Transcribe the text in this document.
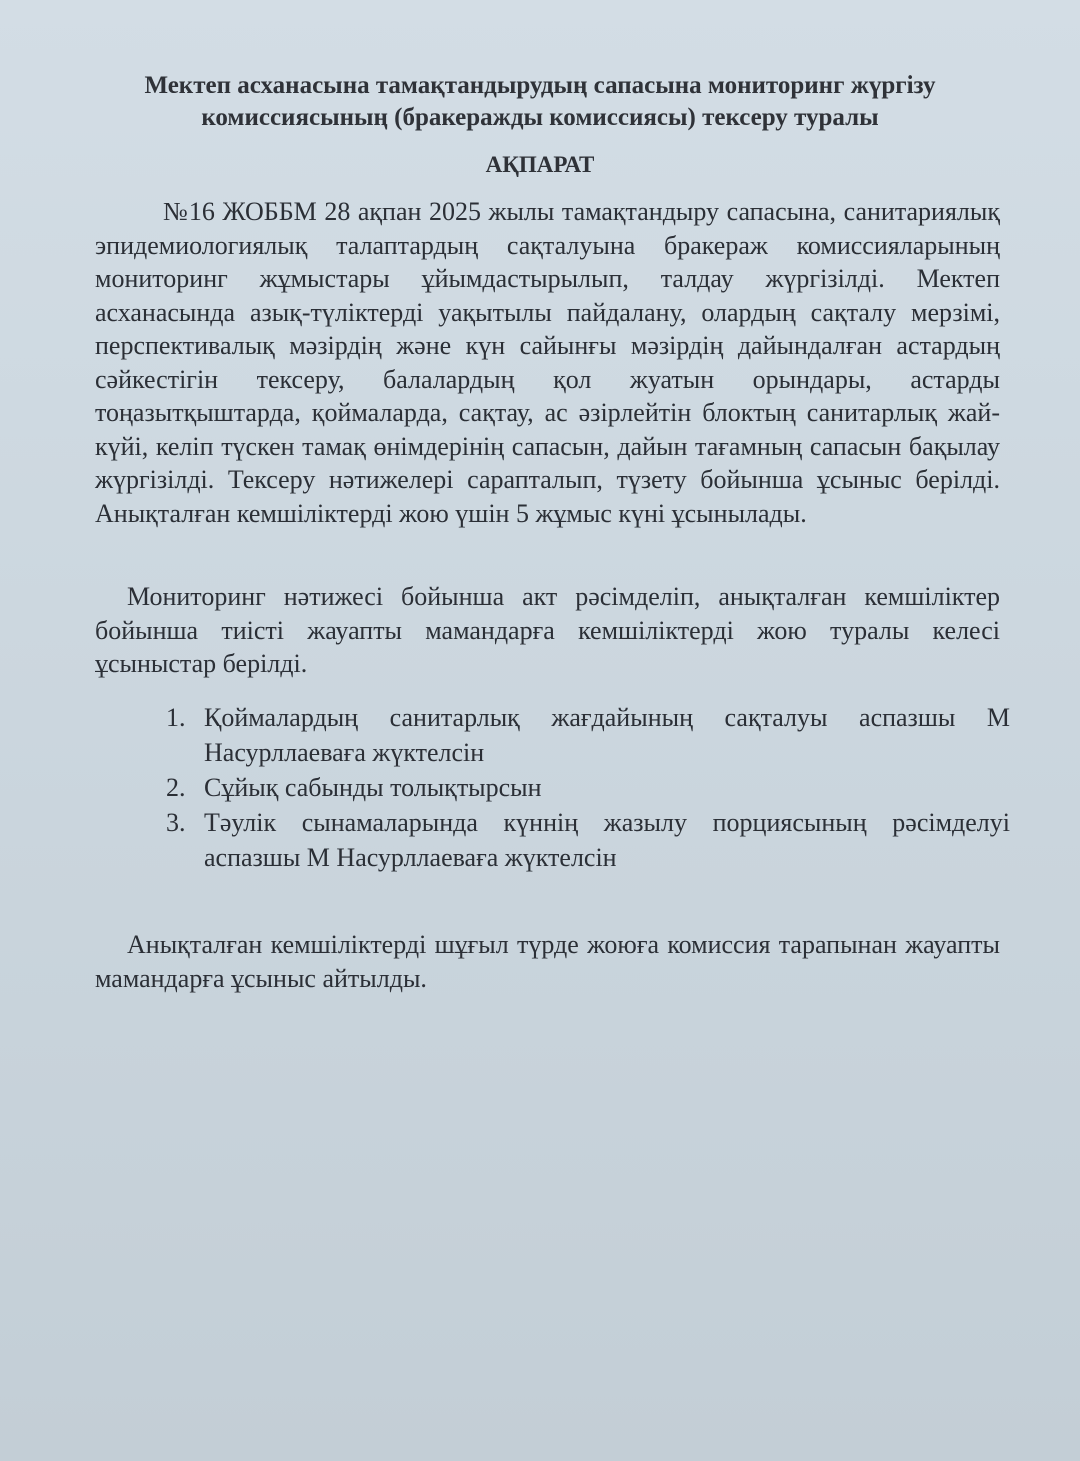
Мектеп асханасына тамақтандырудың сапасына мониторинг жүргізу
комиссиясының (бракеражды комиссиясы) тексеру туралы
АҚПАРАТ

№16 ЖОББМ 28 ақпан 2025 жылы тамақтандыру сапасына, санитариялық эпидемиологиялық талаптардың сақталуына бракераж комиссияларының мониторинг жұмыстары ұйымдастырылып, талдау жүргізілді. Мектеп асханасында азық-түліктерді уақытылы пайдалану, олардың сақталу мерзімі, перспективалық мәзірдің және күн сайынғы мәзірдің дайындалған астардың сәйкестігін тексеру, балалардың қол жуатын орындары, астарды тоңазытқыштарда, қоймаларда, сақтау, ас әзірлейтін блоктың санитарлық жай-күйі, келіп түскен тамақ өнімдерінің сапасын, дайын тағамның сапасын бақылау жүргізілді. Тексеру нәтижелері сарапталып, түзету бойынша ұсыныс берілді. Анықталған кемшіліктерді жою үшін 5 жұмыс күні ұсынылады.

Мониторинг нәтижесі бойынша акт рәсімделіп, анықталған кемшіліктер бойынша тиісті жауапты мамандарға кемшіліктерді жою туралы келесі ұсыныстар берілді.

1. Қоймалардың санитарлық жағдайының сақталуы аспазшы М Насурллаеваға жүктелсін
2. Сұйық сабынды толықтырсын
3. Тәулік сынамаларында күннің жазылу порциясының рәсімделуі аспазшы М Насурллаеваға жүктелсін

Анықталған кемшіліктерді шұғыл түрде жоюға комиссия тарапынан жауапты мамандарға ұсыныс айтылды.
